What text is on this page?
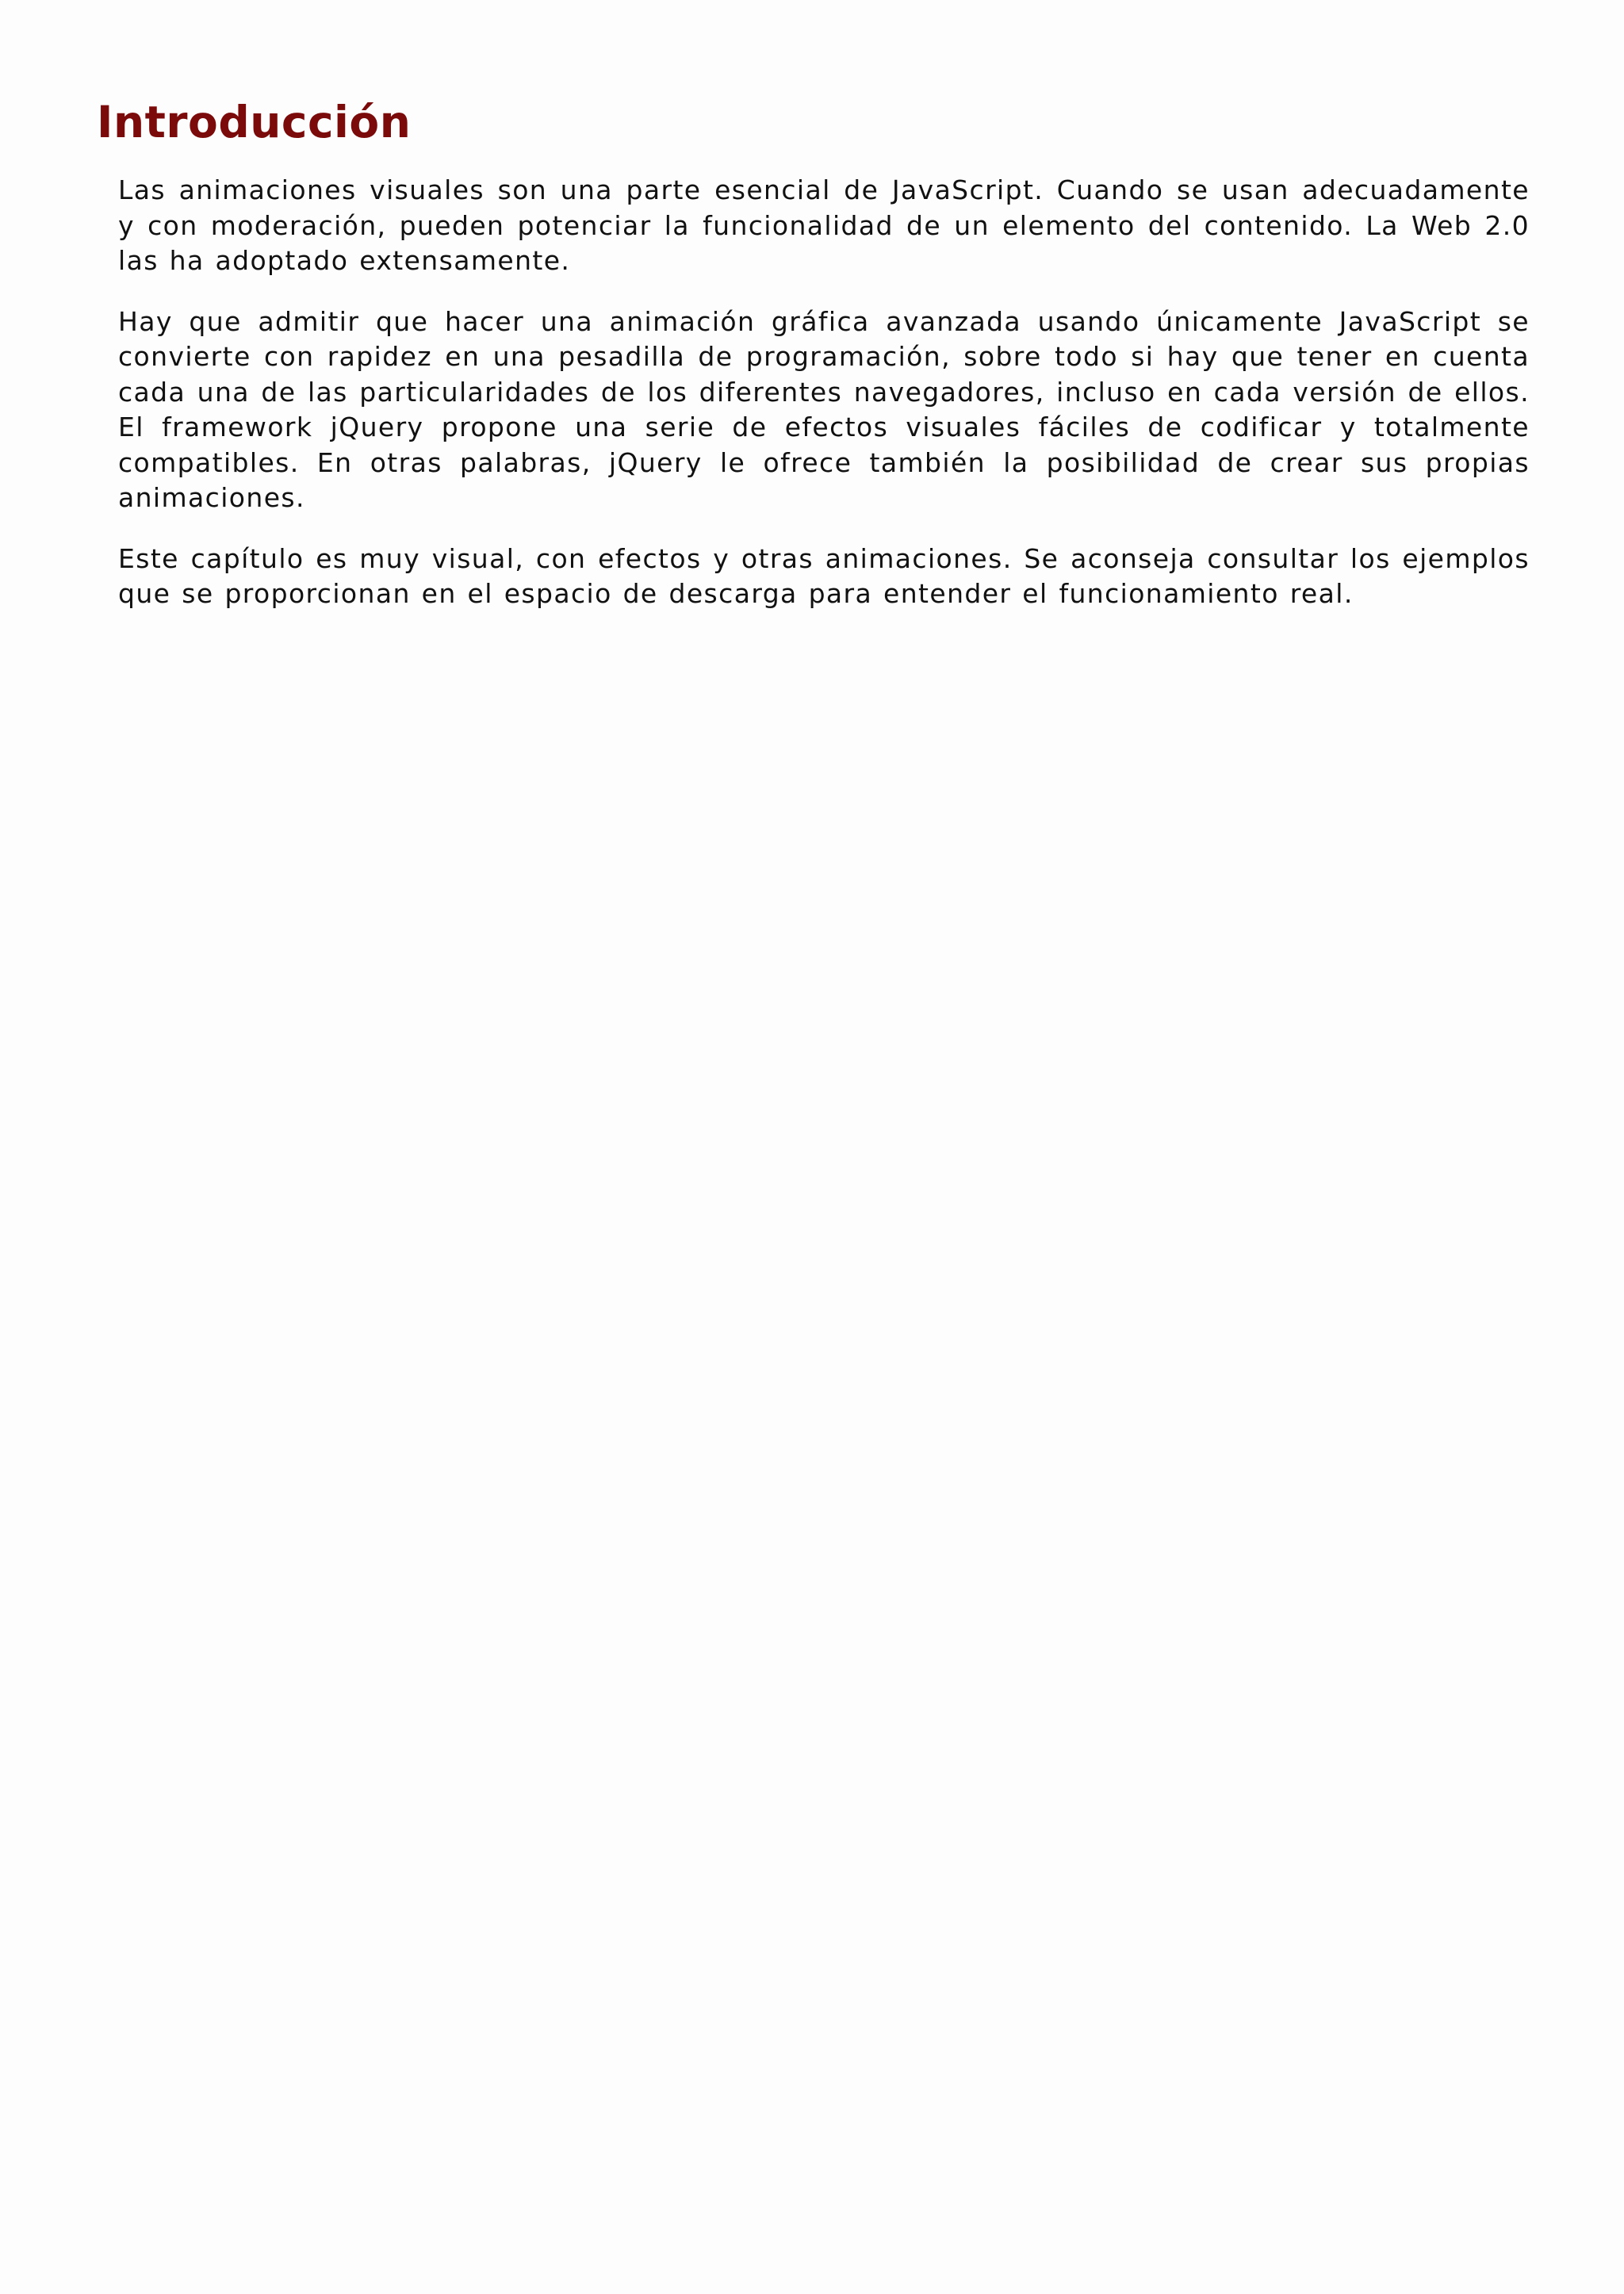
Introducción

Las animaciones visuales son una parte esencial de JavaScript. Cuando se usan adecuadamente y con moderación, pueden potenciar la funcionalidad de un elemento del contenido. La Web 2.0 las ha adoptado extensamente.

Hay que admitir que hacer una animación gráfica avanzada usando únicamente JavaScript se convierte con rapidez en una pesadilla de programación, sobre todo si hay que tener en cuenta cada una de las particularidades de los diferentes navegadores, incluso en cada versión de ellos. El framework jQuery propone una serie de efectos visuales fáciles de codificar y totalmente compatibles. En otras palabras, jQuery le ofrece también la posibilidad de crear sus propias animaciones.

Este capítulo es muy visual, con efectos y otras animaciones. Se aconseja consultar los ejemplos que se proporcionan en el espacio de descarga para entender el funcionamiento real.
